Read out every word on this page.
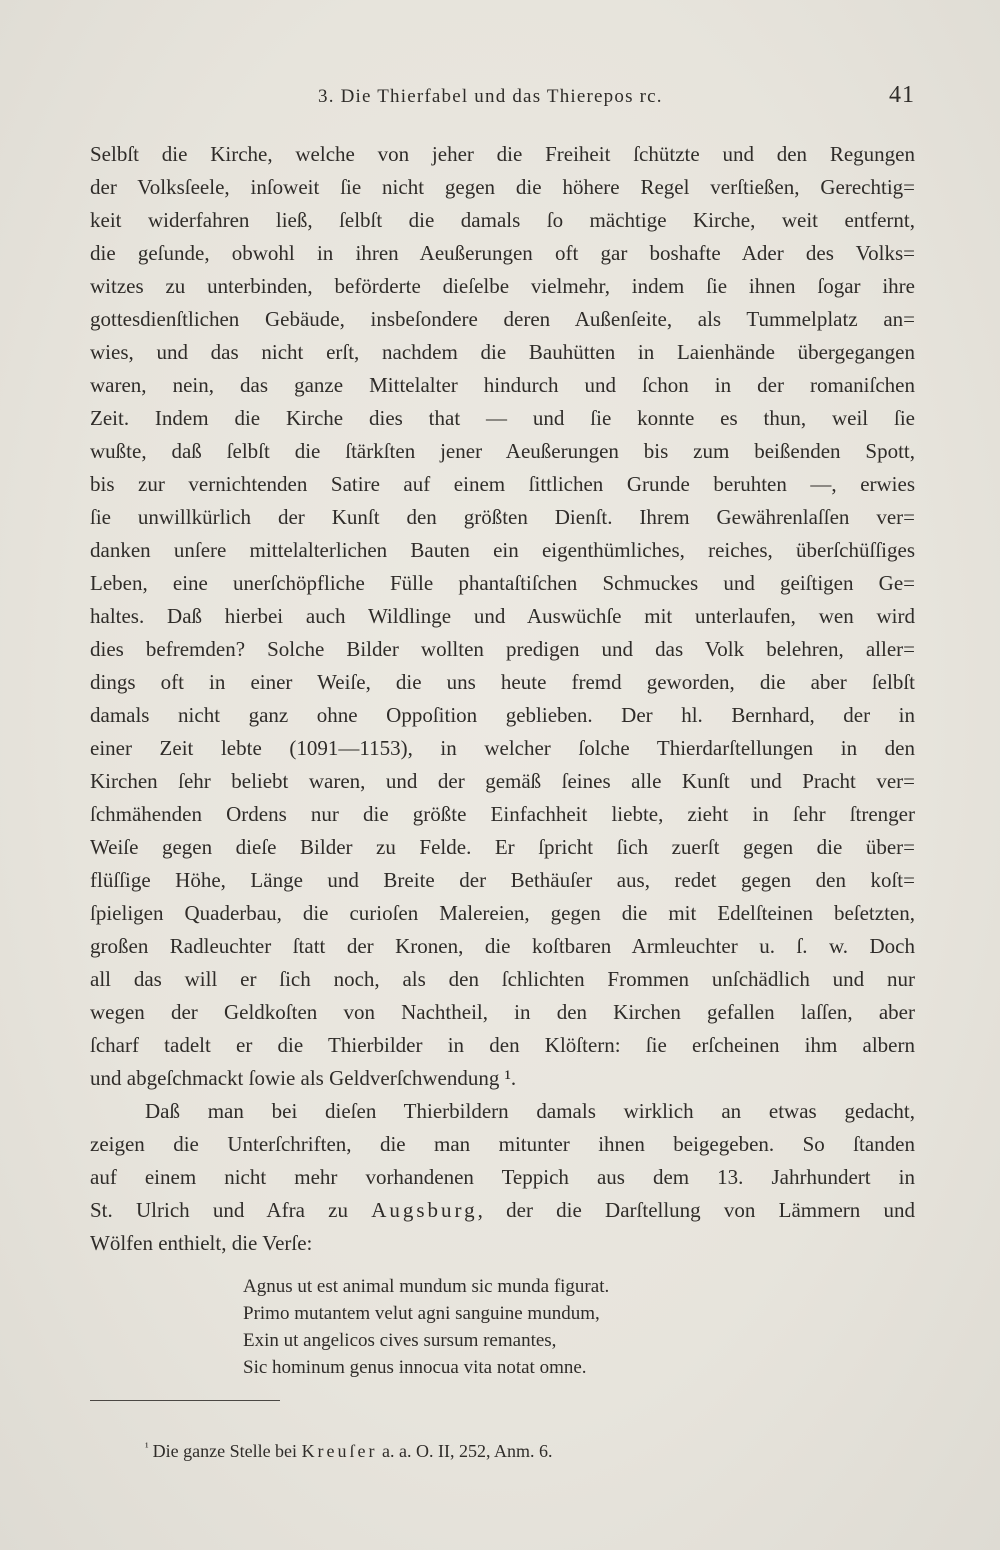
3. Die Thierfabel und das Thierepos rc.	41
Selbſt die Kirche, welche von jeher die Freiheit ſchützte und den Regungen
der Volksſeele, inſoweit ſie nicht gegen die höhere Regel verſtießen, Gerechtig=
keit widerfahren ließ, ſelbſt die damals ſo mächtige Kirche, weit entfernt,
die geſunde, obwohl in ihren Aeußerungen oft gar boshafte Ader des Volks=
witzes zu unterbinden, beförderte dieſelbe vielmehr, indem ſie ihnen ſogar ihre
gottesdienſtlichen Gebäude, insbeſondere deren Außenſeite, als Tummelplatz an=
wies, und das nicht erſt, nachdem die Bauhütten in Laienhände übergegangen
waren, nein, das ganze Mittelalter hindurch und ſchon in der romaniſchen
Zeit. Indem die Kirche dies that — und ſie konnte es thun, weil ſie
wußte, daß ſelbſt die ſtärkſten jener Aeußerungen bis zum beißenden Spott,
bis zur vernichtenden Satire auf einem ſittlichen Grunde beruhten —, erwies
ſie unwillkürlich der Kunſt den größten Dienſt. Ihrem Gewährenlaſſen ver=
danken unſere mittelalterlichen Bauten ein eigenthümliches, reiches, überſchüſſiges
Leben, eine unerſchöpfliche Fülle phantaſtiſchen Schmuckes und geiſtigen Ge=
haltes. Daß hierbei auch Wildlinge und Auswüchſe mit unterlaufen, wen wird
dies befremden? Solche Bilder wollten predigen und das Volk belehren, aller=
dings oft in einer Weiſe, die uns heute fremd geworden, die aber ſelbſt
damals nicht ganz ohne Oppoſition geblieben. Der hl. Bernhard, der in
einer Zeit lebte (1091—1153), in welcher ſolche Thierdarſtellungen in den
Kirchen ſehr beliebt waren, und der gemäß ſeines alle Kunſt und Pracht ver=
ſchmähenden Ordens nur die größte Einfachheit liebte, zieht in ſehr ſtrenger
Weiſe gegen dieſe Bilder zu Felde. Er ſpricht ſich zuerſt gegen die über=
flüſſige Höhe, Länge und Breite der Bethäuſer aus, redet gegen den koſt=
ſpieligen Quaderbau, die curioſen Malereien, gegen die mit Edelſteinen beſetzten,
großen Radleuchter ſtatt der Kronen, die koſtbaren Armleuchter u. ſ. w. Doch
all das will er ſich noch, als den ſchlichten Frommen unſchädlich und nur
wegen der Geldkoſten von Nachtheil, in den Kirchen gefallen laſſen, aber
ſcharf tadelt er die Thierbilder in den Klöſtern: ſie erſcheinen ihm albern
und abgeſchmackt ſowie als Geldverſchwendung ¹.
Daß man bei dieſen Thierbildern damals wirklich an etwas gedacht,
zeigen die Unterſchriften, die man mitunter ihnen beigegeben. So ſtanden
auf einem nicht mehr vorhandenen Teppich aus dem 13. Jahrhundert in
St. Ulrich und Afra zu Augsburg, der die Darſtellung von Lämmern und
Wölfen enthielt, die Verſe:
Agnus ut est animal mundum sic munda figurat.
Primo mutantem velut agni sanguine mundum,
Exin ut angelicos cives sursum remantes,
Sic hominum genus innocua vita notat omne.
$^{^1}$ Die ganze Stelle bei Kreuſer a. a. O. II, 252, Anm. 6.
